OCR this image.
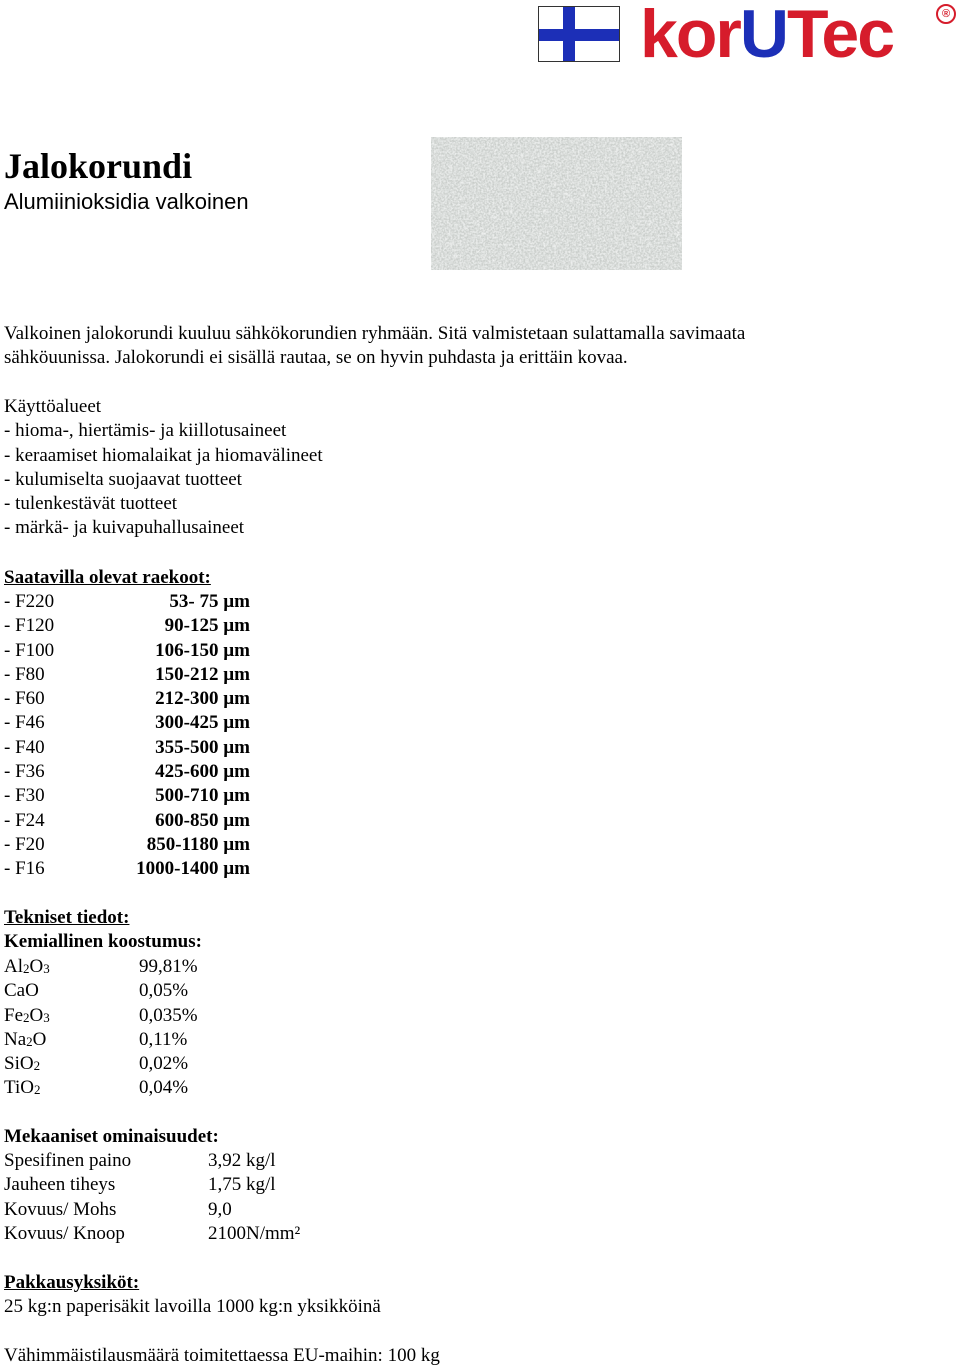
korUTec	®
Jalokorundi
Alumiinioksidia valkoinen
Valkoinen jalokorundi kuuluu sähkökorundien ryhmään. Sitä valmistetaan sulattamalla savimaata
sähköuunissa. Jalokorundi ei sisällä rautaa, se on hyvin puhdasta ja erittäin kovaa.
Käyttöalueet
- hioma-, hiertämis- ja kiillotusaineet
- keraamiset hiomalaikat ja hiomavälineet
- kulumiselta suojaavat tuotteet
- tulenkestävät tuotteet
- märkä- ja kuivapuhallusaineet
Saatavilla olevat raekoot:
- F220	53- 75 µm
- F120	90-125 µm
- F100	106-150 µm
- F80	150-212 µm
- F60	212-300 µm
- F46	300-425 µm
- F40	355-500 µm
- F36	425-600 µm
- F30	500-710 µm
- F24	600-850 µm
- F20	850-1180 µm
- F16	1000-1400 µm
Tekniset tiedot:
Kemiallinen koostumus:
$Al_2O_3$	99,81%
CaO	0,05%
$Fe_2O_3$	0,035%
$Na_2O$	0,11%
SiO$_2$	0,02%
TiO$_2$	0,04%
Mekaaniset ominaisuudet:
Spesifinen paino	3,92 kg/l
Jauheen tiheys	1,75 kg/l
Kovuus/ Mohs	9,0
Kovuus/ Knoop	2100N/mm²
Pakkausyksiköt:
25 kg:n paperisäkit lavoilla 1000 kg:n yksikköinä
Vähimmäistilausmäärä toimitettaessa EU-maihin: 100 kg
